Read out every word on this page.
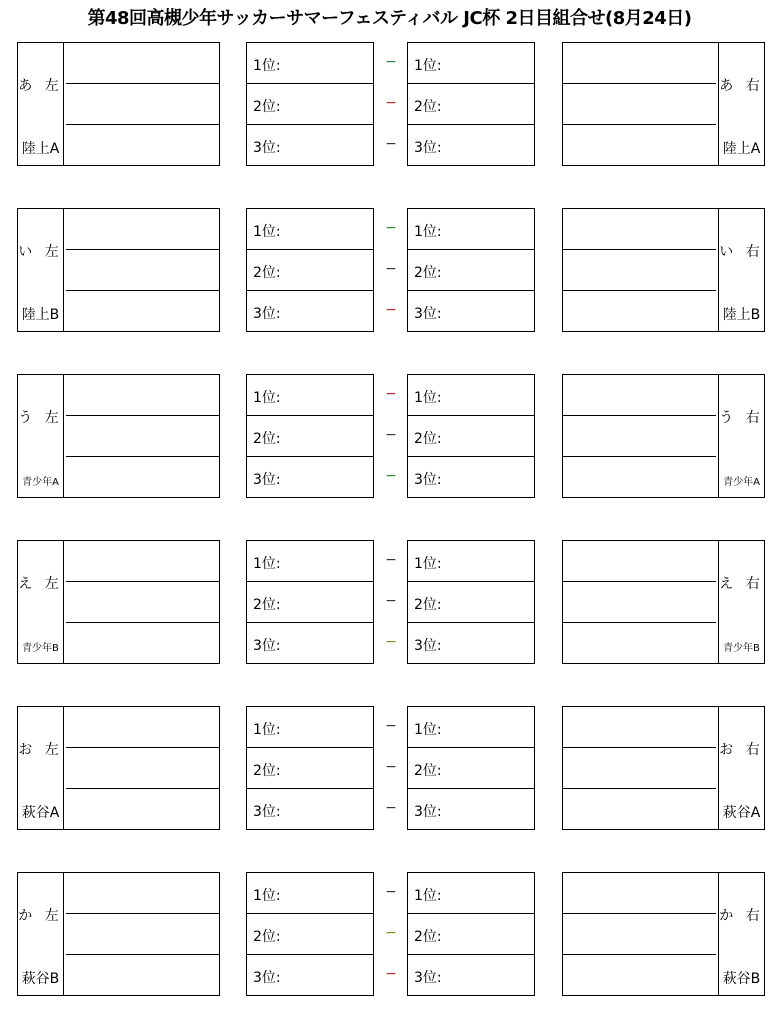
第48回高槻少年サッカーサマーフェスティバル JC杯 2日目組合せ(8月24日)
あ 左
陸上A
1位:
2位:
3位:
1位:
2位:
3位:
−
−
−
あ 右
陸上A
い 左
陸上B
1位:
2位:
3位:
1位:
2位:
3位:
−
−
−
い 右
陸上B
う 左
青少年A
1位:
2位:
3位:
1位:
2位:
3位:
−
−
−
う 右
青少年A
え 左
青少年B
1位:
2位:
3位:
1位:
2位:
3位:
−
−
−
え 右
青少年B
お 左
萩谷A
1位:
2位:
3位:
1位:
2位:
3位:
−
−
−
お 右
萩谷A
か 左
萩谷B
1位:
2位:
3位:
1位:
2位:
3位:
−
−
−
か 右
萩谷B
